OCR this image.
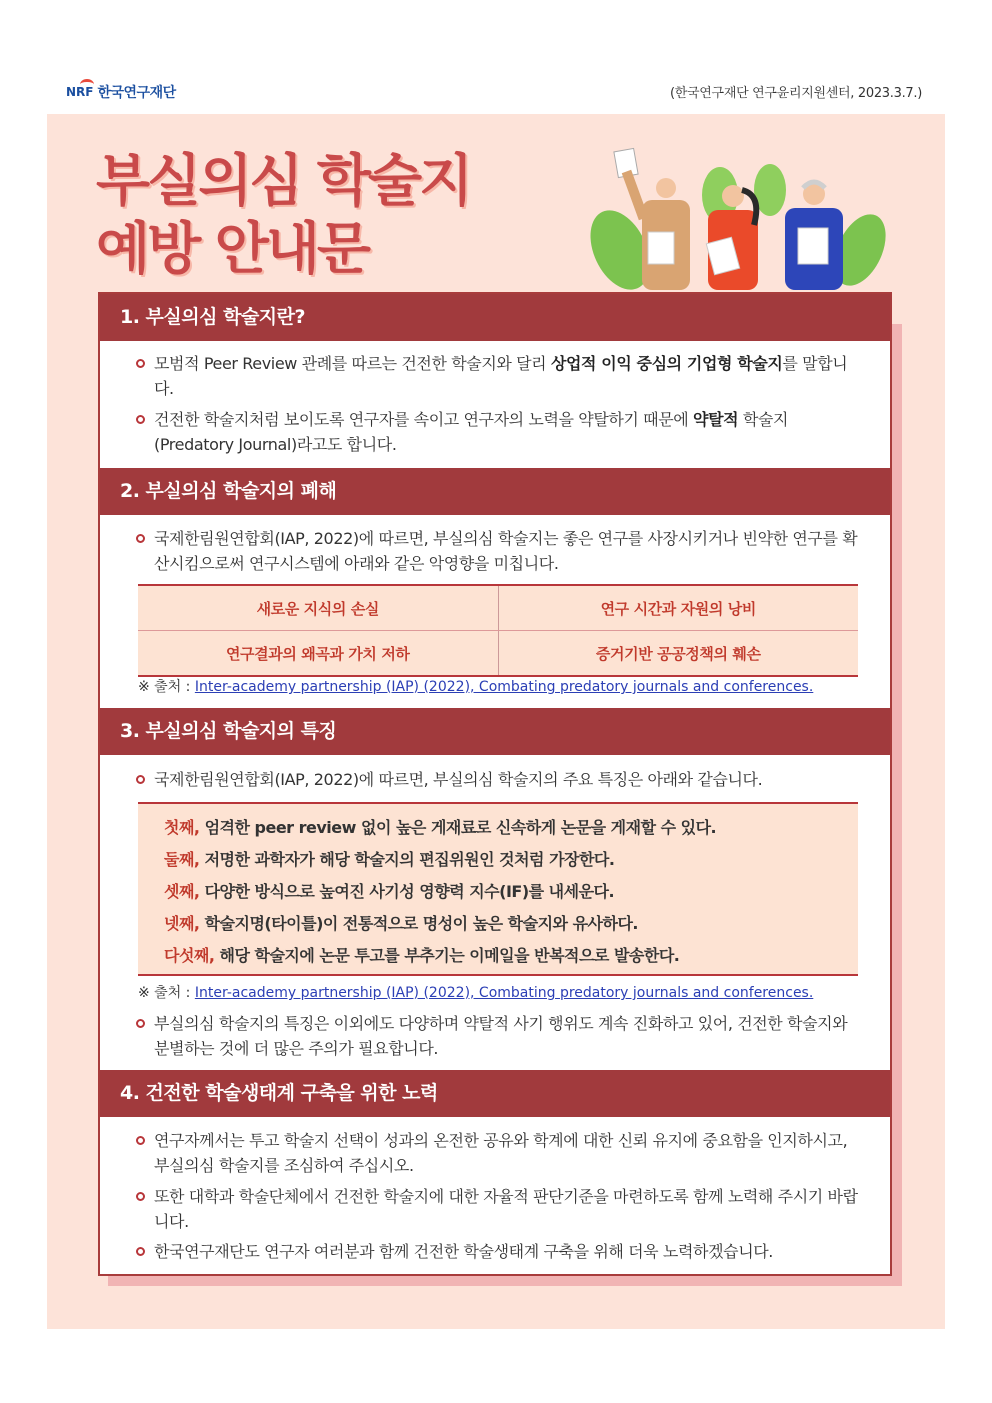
NRF 한국연구재단	(한국연구재단 연구윤리지원센터, 2023.3.7.)
부실의심 학술지
예방 안내문
1. 부실의심 학술지란?
모범적 Peer Review 관례를 따르는 건전한 학술지와 달리 상업적 이익 중심의 기업형 학술지를 말합니다.
건전한 학술지처럼 보이도록 연구자를 속이고 연구자의 노력을 약탈하기 때문에 약탈적 학술지 (Predatory Journal)라고도 합니다.
2. 부실의심 학술지의 폐해
국제한림원연합회(IAP, 2022)에 따르면, 부실의심 학술지는 좋은 연구를 사장시키거나 빈약한 연구를 확산시킴으로써 연구시스템에 아래와 같은 악영향을 미칩니다.
새로운 지식의 손실	연구 시간과 자원의 낭비
연구결과의 왜곡과 가치 저하	증거기반 공공정책의 훼손
※ 출처 : Inter-academy partnership (IAP) (2022), Combating predatory journals and conferences.
3. 부실의심 학술지의 특징
국제한림원연합회(IAP, 2022)에 따르면, 부실의심 학술지의 주요 특징은 아래와 같습니다.
첫째, 엄격한 peer review 없이 높은 게재료로 신속하게 논문을 게재할 수 있다.
둘째, 저명한 과학자가 해당 학술지의 편집위원인 것처럼 가장한다.
셋째, 다양한 방식으로 높여진 사기성 영향력 지수(IF)를 내세운다.
넷째, 학술지명(타이틀)이 전통적으로 명성이 높은 학술지와 유사하다.
다섯째, 해당 학술지에 논문 투고를 부추기는 이메일을 반복적으로 발송한다.
※ 출처 : Inter-academy partnership (IAP) (2022), Combating predatory journals and conferences.
부실의심 학술지의 특징은 이외에도 다양하며 약탈적 사기 행위도 계속 진화하고 있어, 건전한 학술지와 분별하는 것에 더 많은 주의가 필요합니다.
4. 건전한 학술생태계 구축을 위한 노력
연구자께서는 투고 학술지 선택이 성과의 온전한 공유와 학계에 대한 신뢰 유지에 중요함을 인지하시고, 부실의심 학술지를 조심하여 주십시오.
또한 대학과 학술단체에서 건전한 학술지에 대한 자율적 판단기준을 마련하도록 함께 노력해 주시기 바랍니다.
한국연구재단도 연구자 여러분과 함께 건전한 학술생태계 구축을 위해 더욱 노력하겠습니다.
